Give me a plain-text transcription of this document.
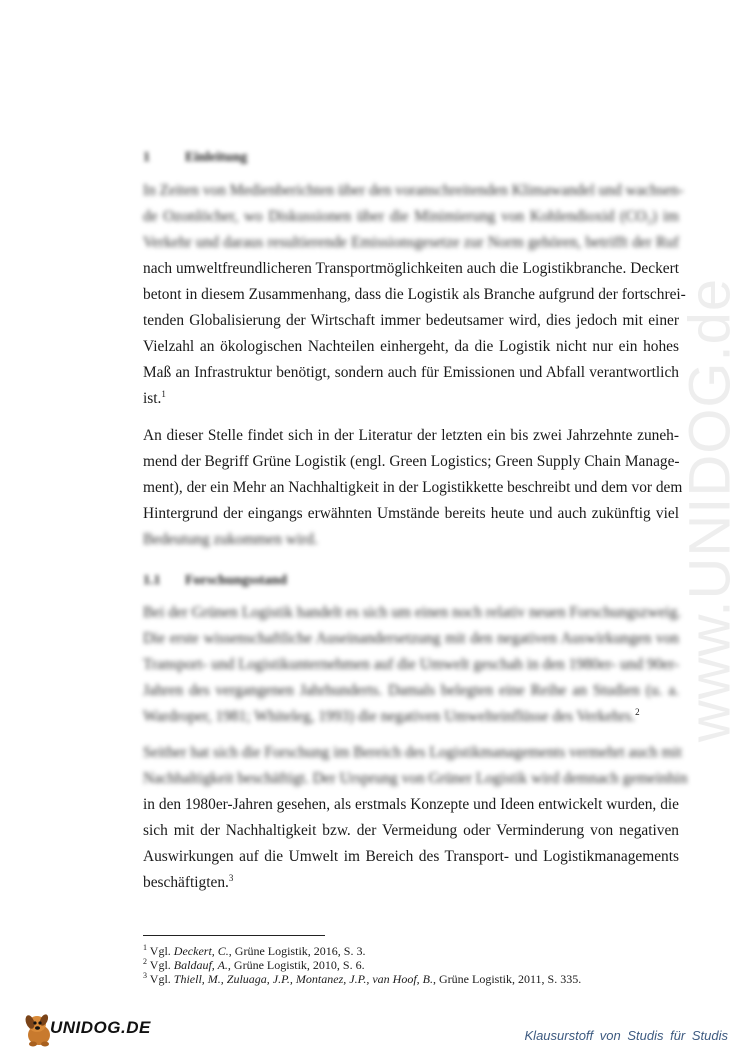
www.UNIDOG.de
1	Einleitung
In Zeiten von Medienberichten über den voranschreitenden Klimawandel und wachsen-
de Ozonlöcher, wo Diskussionen über die Minimierung von Kohlendioxid (CO₂) im
Verkehr und daraus resultierende Emissionsgesetze zur Norm gehören, betrifft der Ruf
nach umweltfreundlicheren Transportmöglichkeiten auch die Logistikbranche. Deckert
betont in diesem Zusammenhang, dass die Logistik als Branche aufgrund der fortschrei-
tenden Globalisierung der Wirtschaft immer bedeutsamer wird, dies jedoch mit einer
Vielzahl an ökologischen Nachteilen einhergeht, da die Logistik nicht nur ein hohes
Maß an Infrastruktur benötigt, sondern auch für Emissionen und Abfall verantwortlich
ist.$^1$
An dieser Stelle findet sich in der Literatur der letzten ein bis zwei Jahrzehnte zuneh-
mend der Begriff Grüne Logistik (engl. Green Logistics; Green Supply Chain Manage-
ment), der ein Mehr an Nachhaltigkeit in der Logistikkette beschreibt und dem vor dem
Hintergrund der eingangs erwähnten Umstände bereits heute und auch zukünftig viel
Bedeutung zukommen wird.
1.1 Forschungsstand
Bei der Grünen Logistik handelt es sich um einen noch relativ neuen Forschungszweig.
Die erste wissenschaftliche Auseinandersetzung mit den negativen Auswirkungen von
Transport- und Logistikunternehmen auf die Umwelt geschah in den 1980er- und 90er-
Jahren des vergangenen Jahrhunderts. Damals belegten eine Reihe an Studien (u. a.
Wardroper, 1981; Whiteleg, 1993) die negativen Umwelteinflüsse des Verkehrs.$^2$
Seither hat sich die Forschung im Bereich des Logistikmanagements vermehrt auch mit
Nachhaltigkeit beschäftigt. Der Ursprung von Grüner Logistik wird demnach gemeinhin
in den 1980er-Jahren gesehen, als erstmals Konzepte und Ideen entwickelt wurden, die
sich mit der Nachhaltigkeit bzw. der Vermeidung oder Verminderung von negativen
Auswirkungen auf die Umwelt im Bereich des Transport- und Logistikmanagements
beschäftigten.$^3$
$^1$ Vgl. Deckert, C., Grüne Logistik, 2016, S. 3.
$^2$ Vgl. Baldauf, A., Grüne Logistik, 2010, S. 6.
$^3$ Vgl. Thiell, M., Zuluaga, J.P., Montanez, J.P., van Hoof, B., Grüne Logistik, 2011, S. 335.
UNIDOG.DE	Klausurstoff von Studis für Studis
